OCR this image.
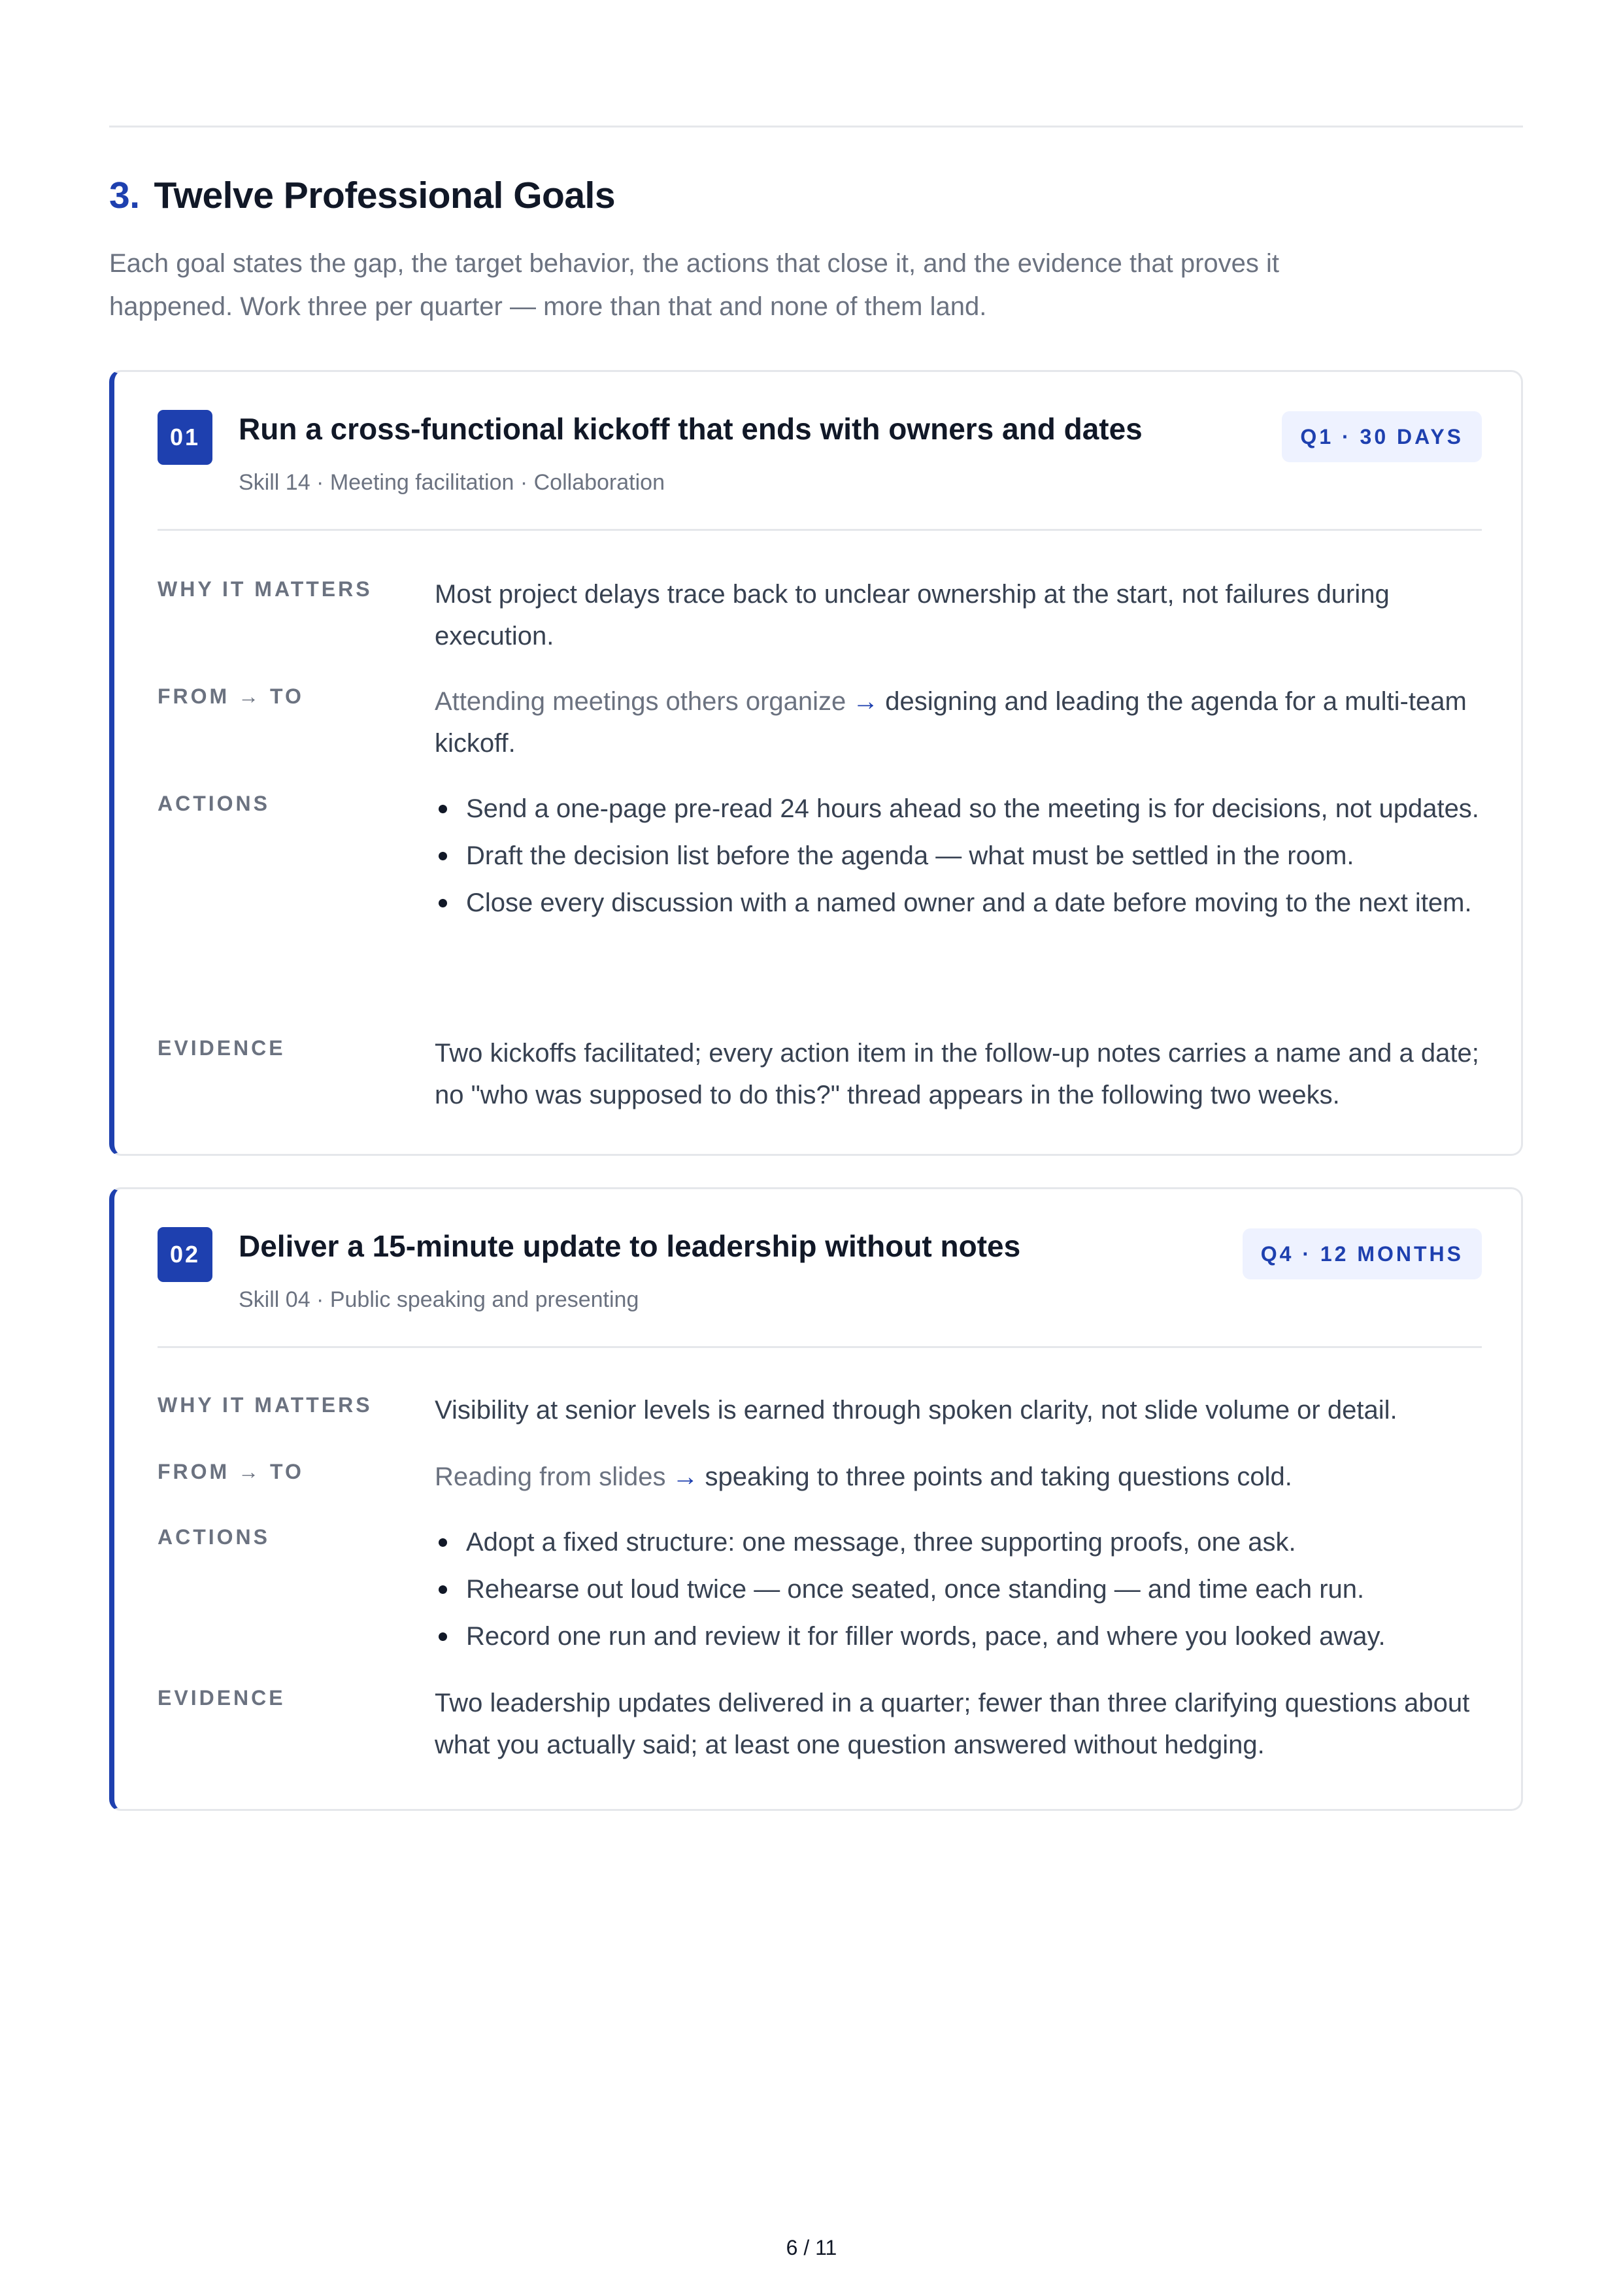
3. Twelve Professional Goals

Each goal states the gap, the target behavior, the actions that close it, and the evidence that proves it happened. Work three per quarter — more than that and none of them land.

01	Run a cross-functional kickoff that ends with owners and dates
Skill 14 · Meeting facilitation · Collaboration
Q1 · 30 DAYS
WHY IT MATTERS Most project delays trace back to unclear ownership at the start, not failures during execution.
FROM → TO	Attending meetings others organize → designing and leading the agenda for a multi-team kickoff.
ACTIONS	Send a one-page pre-read 24 hours ahead so the meeting is for decisions, not updates.
Draft the decision list before the agenda — what must be settled in the room.
Close every discussion with a named owner and a date before moving to the next item.
EVIDENCE	Two kickoffs facilitated; every action item in the follow-up notes carries a name and a date; no "who was supposed to do this?" thread appears in the following two weeks.
02	Deliver a 15-minute update to leadership without notes
Skill 04 · Public speaking and presenting
Q4 · 12 MONTHS
WHY IT MATTERS Visibility at senior levels is earned through spoken clarity, not slide volume or detail.
FROM → TO	Reading from slides → speaking to three points and taking questions cold.
ACTIONS	Adopt a fixed structure: one message, three supporting proofs, one ask.
Rehearse out loud twice — once seated, once standing — and time each run.
Record one run and review it for filler words, pace, and where you looked away.
EVIDENCE	Two leadership updates delivered in a quarter; fewer than three clarifying questions about what you actually said; at least one question answered without hedging.
6 / 11
